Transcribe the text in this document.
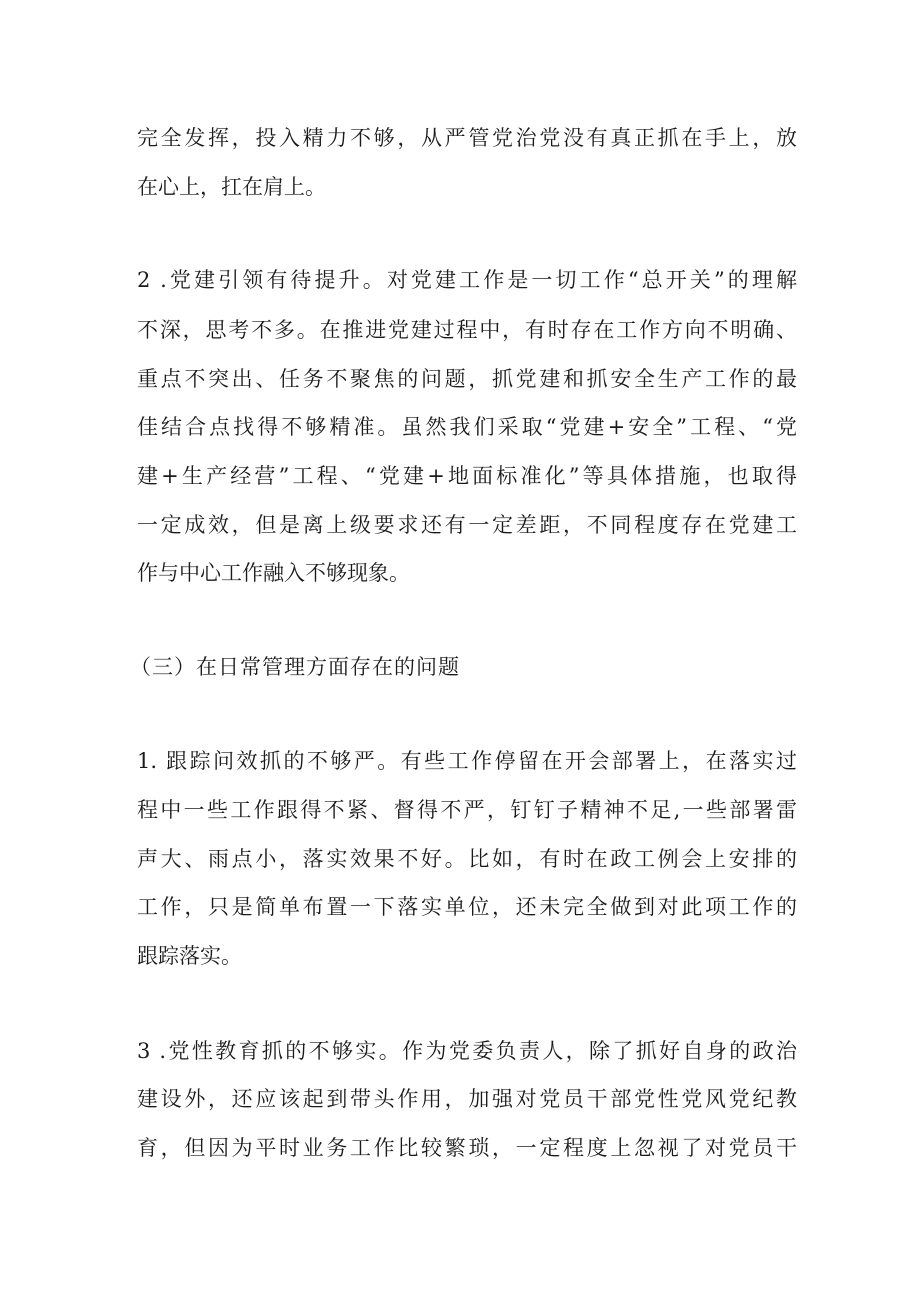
完全发挥，投入精力不够，从严管党治党没有真正抓在手上，放
在心上，扛在肩上。
2 .党建引领有待提升。对党建工作是一切工作“总开关”的理解
不深，思考不多。在推进党建过程中，有时存在工作方向不明确、
重点不突出、任务不聚焦的问题，抓党建和抓安全生产工作的最
佳结合点找得不够精准。虽然我们采取“党建+安全”工程、“党
建+生产经营”工程、“党建+地面标准化”等具体措施，也取得
一定成效，但是离上级要求还有一定差距，不同程度存在党建工
作与中心工作融入不够现象。
（三）在日常管理方面存在的问题
1. 跟踪问效抓的不够严。有些工作停留在开会部署上，在落实过
程中一些工作跟得不紧、督得不严，钉钉子精神不足,一些部署雷
声大、雨点小，落实效果不好。比如，有时在政工例会上安排的
工作，只是简单布置一下落实单位，还未完全做到对此项工作的
跟踪落实。
3 .党性教育抓的不够实。作为党委负责人，除了抓好自身的政治
建设外，还应该起到带头作用，加强对党员干部党性党风党纪教
育，但因为平时业务工作比较繁琐，一定程度上忽视了对党员干
